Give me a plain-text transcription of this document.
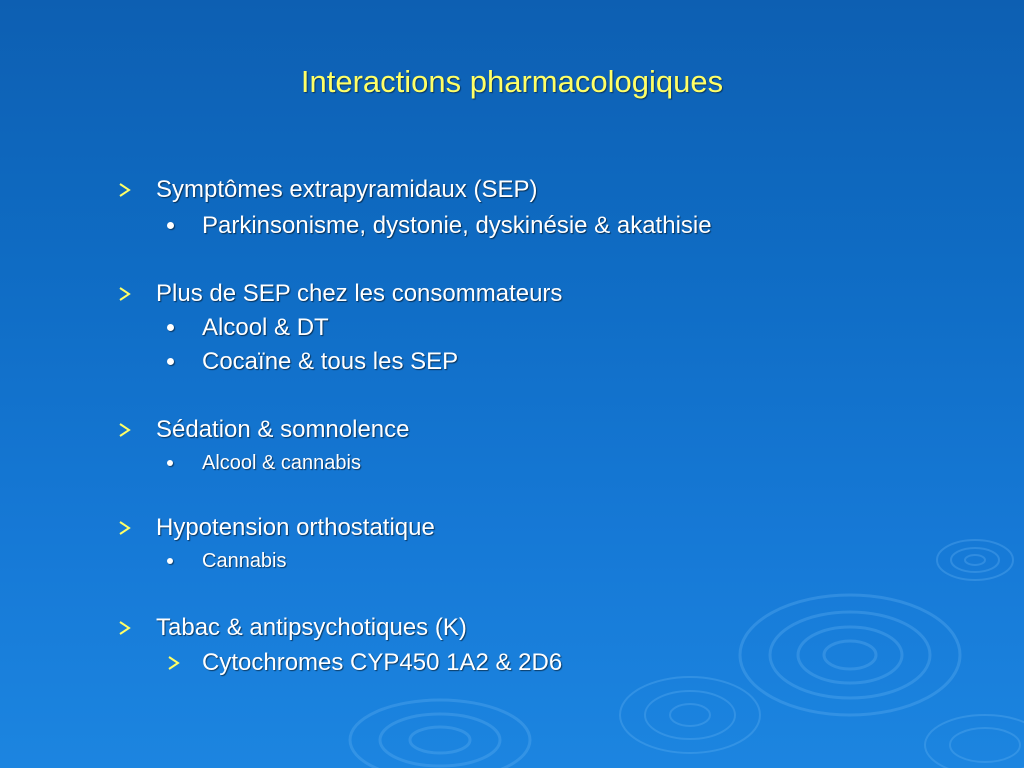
Interactions pharmacologiques
Symptômes extrapyramidaux (SEP)
Parkinsonisme, dystonie, dyskinésie & akathisie
Plus de SEP chez les consommateurs
Alcool & DT
Cocaïne & tous les SEP
Sédation & somnolence
Alcool & cannabis
Hypotension orthostatique
Cannabis
Tabac & antipsychotiques (K)
Cytochromes CYP450 1A2 & 2D6
